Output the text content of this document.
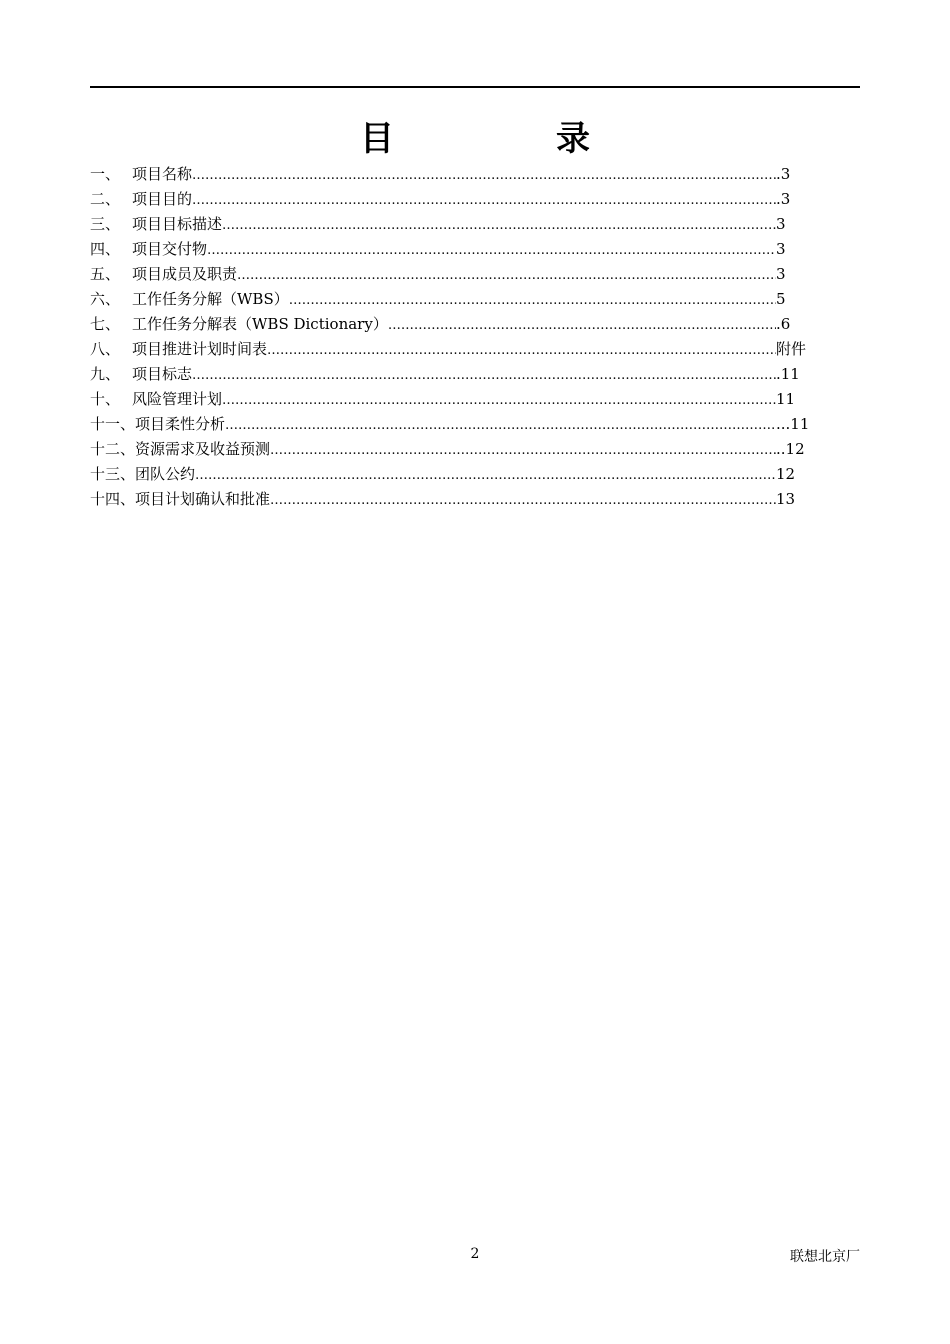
目　录
一、 项目名称 …………………………………………………………………………………………………………………………………………………………………………………	.3
二、 项目目的 …………………………………………………………………………………………………………………………………………………………………………………	.3
三、 项目目标描述 …………………………………………………………………………………………………………………………………………………………………………………	3
四、 项目交付物 …………………………………………………………………………………………………………………………………………………………………………………	3
五、 项目成员及职责 …………………………………………………………………………………………………………………………………………………………………………………	3
六、 工作任务分解（WBS） …………………………………………………………………………………………………………………………………………………………………………………	5
七、 工作任务分解表（WBS Dictionary） …………………………………………………………………………………………………………………………………………………………………………………	.6
八、 项目推进计划时间表 …………………………………………………………………………………………………………………………………………………………………………………	附件
九、 项目标志 …………………………………………………………………………………………………………………………………………………………………………………	.11
十、 风险管理计划 …………………………………………………………………………………………………………………………………………………………………………………	11
十一、 项目柔性分析 …………………………………………………………………………………………………………………………………………………………………………………	...11
十二、 资源需求及收益预测 …………………………………………………………………………………………………………………………………………………………………………………	..12
十三、 团队公约 …………………………………………………………………………………………………………………………………………………………………………………	12
十四、 项目计划确认和批准 …………………………………………………………………………………………………………………………………………………………………………………	13
2	联想北京厂
